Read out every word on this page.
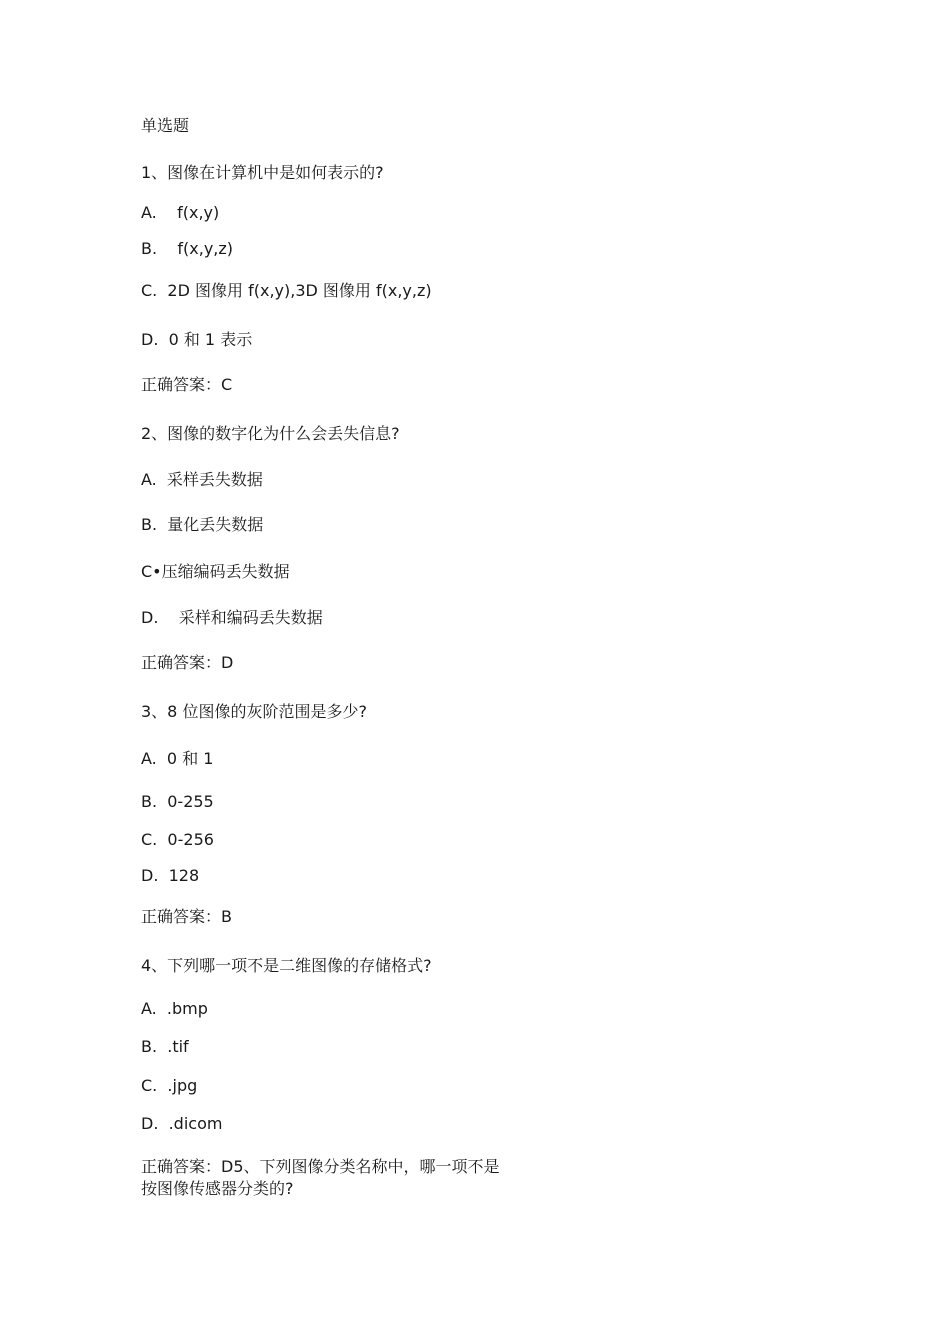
单选题
1、图像在计算机中是如何表示的?
A.    f(x,y)
B.    f(x,y,z)
C.  2D 图像用 f(x,y),3D 图像用 f(x,y,z)
D.  0 和 1 表示
正确答案：C
2、图像的数字化为什么会丢失信息?
A.  采样丢失数据
B.  量化丢失数据
C•压缩编码丢失数据
D.    采样和编码丢失数据
正确答案：D
3、8 位图像的灰阶范围是多少?
A.  0 和 1
B.  0-255
C.  0-256
D.  128
正确答案：B
4、下列哪一项不是二维图像的存储格式?
A.  .bmp
B.  .tif
C.  .jpg
D.  .dicom
正确答案：D5、下列图像分类名称中，哪一项不是按图像传感器分类的?
